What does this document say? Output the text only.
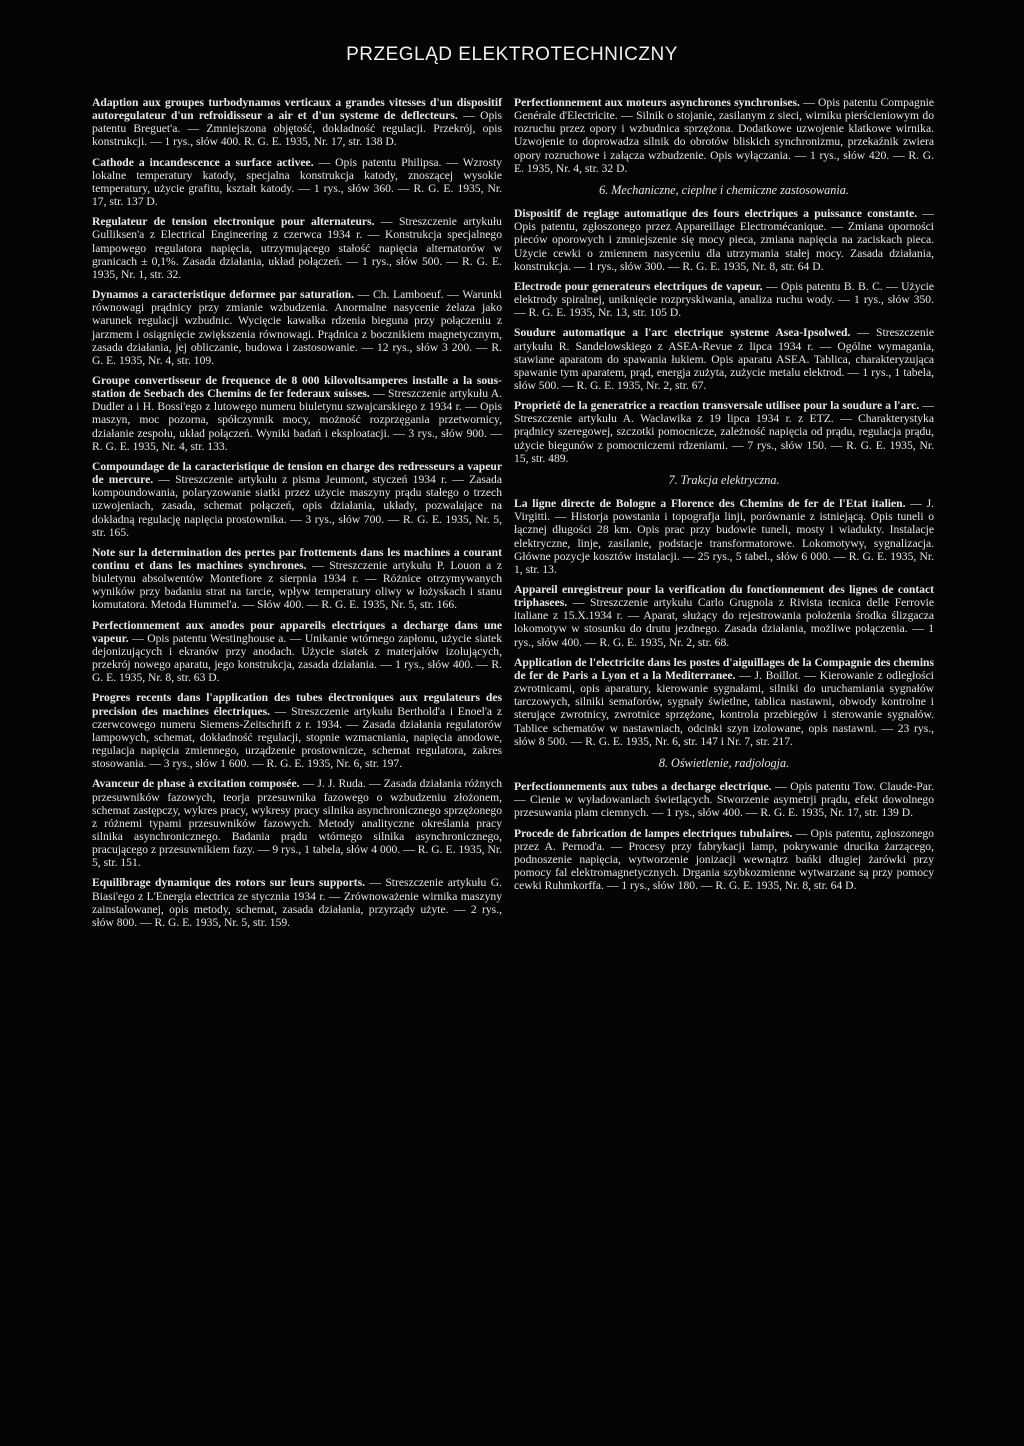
PRZEGLĄD ELEKTROTECHNICZNY

Adaption aux groupes turbodynamos verticaux a grandes vitesses d'un dispositif autoregulateur d'un refroidisseur a air et d'un systeme de deflecteurs. — Opis patentu Breguet'a. — Zmniejszona objętość, dokładność regulacji. Przekrój, opis konstrukcji. — 1 rys., słów 400. R. G. E. 1935, Nr. 17, str. 138 D.

Cathode a incandescence a surface activee. — Opis patentu Philipsa. — Wzrosty lokalne temperatury katody, specjalna konstrukcja katody, znoszącej wysokie temperatury, użycie grafitu, kształt katody. — 1 rys., słów 360. — R. G. E. 1935, Nr. 17, str. 137 D.

Regulateur de tension electronique pour alternateurs. — Streszczenie artykułu Gulliksen'a z Electrical Engineering z czerwca 1934 r. — Konstrukcja specjalnego lampowego regulatora napięcia, utrzymującego stałość napięcia alternatorów w granicach ± 0,1%. Zasada działania, układ połączeń. — 1 rys., słów 500. — R. G. E. 1935, Nr. 1, str. 32.

Dynamos a caracteristique deformee par saturation. — Ch. Lamboeuf. — Warunki równowagi prądnicy przy zmianie wzbudzenia. Anormalne nasycenie żelaza jako warunek regulacji wzbudnic. Wycięcie kawałka rdzenia bieguna przy połączeniu z jarzmem i osiągnięcie zwiększenia równowagi. Prądnica z bocznikiem magnetycznym, zasada działania, jej obliczanie, budowa i zastosowanie. — 12 rys., słów 3 200. — R. G. E. 1935, Nr. 4, str. 109.

Groupe convertisseur de frequence de 8 000 kilovoltsamperes installe a la sous-station de Seebach des Chemins de fer federaux suisses. — Streszczenie artykułu A. Dudler a i H. Bossi'ego z lutowego numeru biuletynu szwajcarskiego z 1934 r. — Opis maszyn, moc pozorna, spółczynnik mocy, możność rozprzęgania przetwornicy, działanie zespołu, układ połączeń. Wyniki badań i eksploatacji. — 3 rys., słów 900. — R. G. E. 1935, Nr. 4, str. 133.

Compoundage de la caracteristique de tension en charge des redresseurs a vapeur de mercure. — Streszczenie artykułu z pisma Jeumont, styczeń 1934 r. — Zasada kompoundowania, polaryzowanie siatki przez użycie maszyny prądu stałego o trzech uzwojeniach, zasada, schemat połączeń, opis działania, układy, pozwalające na dokładną regulację napięcia prostownika. — 3 rys., słów 700. — R. G. E. 1935, Nr. 5, str. 165.

Note sur la determination des pertes par frottements dans les machines a courant continu et dans les machines synchrones. — Streszczenie artykułu P. Louon a z biuletynu absolwentów Montefiore z sierpnia 1934 r. — Różnice otrzymywanych wyników przy badaniu strat na tarcie, wpływ temperatury oliwy w łożyskach i stanu komutatora. Metoda Hummel'a. — Słów 400. — R. G. E. 1935, Nr. 5, str. 166.

Perfectionnement aux anodes pour appareils electriques a decharge dans une vapeur. — Opis patentu Westinghouse a. — Unikanie wtórnego zapłonu, użycie siatek dejonizujących i ekranów przy anodach. Użycie siatek z materjałów izolujących, przekrój nowego aparatu, jego konstrukcja, zasada działania. — 1 rys., słów 400. — R. G. E. 1935, Nr. 8, str. 63 D.

Progres recents dans l'application des tubes électroniques aux regulateurs des precision des machines électriques. — Streszczenie artykułu Berthold'a i Enoel'a z czerwcowego numeru Siemens-Zeitschrift z r. 1934. — Zasada działania regulatorów lampowych, schemat, dokładność regulacji, stopnie wzmacniania, napięcia anodowe, regulacja napięcia zmiennego, urządzenie prostownicze, schemat regulatora, zakres stosowania. — 3 rys., słów 1 600. — R. G. E. 1935, Nr. 6, str. 197.

Avanceur de phase à excitation composée. — J. J. Ruda. — Zasada działania różnych przesuwników fazowych, teorja przesuwnika fazowego o wzbudzeniu złożonem, schemat zastępczy, wykres pracy, wykresy pracy silnika asynchronicznego sprzężonego z różnemi typami przesuwników fazowych. Metody analityczne określania pracy silnika asynchronicznego. Badania prądu wtórnego silnika asynchronicznego, pracującego z przesuwnikiem fazy. — 9 rys., 1 tabela, słów 4 000. — R. G. E. 1935, Nr. 5, str. 151.

Equilibrage dynamique des rotors sur leurs supports. — Streszczenie artykułu G. Biasi'ego z L'Energia electrica ze stycznia 1934 r. — Zrównoważenie wirnika maszyny zainstalowanej, opis metody, schemat, zasada działania, przyrządy użyte. — 2 rys., słów 800. — R. G. E. 1935, Nr. 5, str. 159.

Perfectionnement aux moteurs asynchrones synchronises. — Opis patentu Compagnie Genérale d'Electricite. — Silnik o stojanie, zasilanym z sieci, wirniku pierścieniowym do rozruchu przez opory i wzbudnica sprzężona. Dodatkowe uzwojenie klatkowe wirnika. Uzwojenie to doprowadza silnik do obrotów bliskich synchronizmu, przekaźnik zwiera opory rozruchowe i załącza wzbudzenie. Opis wyłączania. — 1 rys., słów 420. — R. G. E. 1935, Nr. 4, str. 32 D.

6. Mechaniczne, cieplne i chemiczne zastosowania.

Dispositif de reglage automatique des fours electriques a puissance constante. — Opis patentu, zgłoszonego przez Appareillage Electromécanique. — Zmiana oporności pieców oporowych i zmniejszenie się mocy pieca, zmiana napięcia na zaciskach pieca. Użycie cewki o zmiennem nasyceniu dla utrzymania stałej mocy. Zasada działania, konstrukcja. — 1 rys., słów 300. — R. G. E. 1935, Nr. 8, str. 64 D.

Electrode pour generateurs electriques de vapeur. — Opis patentu B. B. C. — Użycie elektrody spiralnej, uniknięcie rozpryskiwania, analiza ruchu wody. — 1 rys., słów 350. — R. G. E. 1935, Nr. 13, str. 105 D.

Soudure automatique a l'arc electrique systeme Asea-Ipsolwed. — Streszczenie artykułu R. Sandelowskiego z ASEA-Revue z lipca 1934 r. — Ogólne wymagania, stawiane aparatom do spawania łukiem. Opis aparatu ASEA. Tablica, charakteryzująca spawanie tym aparatem, prąd, energja zużyta, zużycie metalu elektrod. — 1 rys., 1 tabela, słów 500. — R. G. E. 1935, Nr. 2, str. 67.

Proprieté de la generatrice a reaction transversale utilisee pour la soudure a l'arc. — Streszczenie artykułu A. Wacławika z 19 lipca 1934 r. z ETZ. — Charakterystyka prądnicy szeregowej, szczotki pomocnicze, zależność napięcia od prądu, regulacja prądu, użycie biegunów z pomocniczemi rdzeniami. — 7 rys., słów 150. — R. G. E. 1935, Nr. 15, str. 489.

7. Trakcja elektryczna.

La ligne directe de Bologne a Florence des Chemins de fer de l'Etat italien. — J. Virgitti. — Historja powstania i topografja linji, porównanie z istniejącą. Opis tuneli o łącznej długości 28 km. Opis prac przy budowie tuneli, mosty i wiadukty. Instalacje elektryczne, linje, zasilanie, podstacje transformatorowe. Lokomotywy, sygnalizacja. Główne pozycje kosztów instalacji. — 25 rys., 5 tabel., słów 6 000. — R. G. E. 1935, Nr. 1, str. 13.

Appareil enregistreur pour la verification du fonctionnement des lignes de contact triphasees. — Streszczenie artykułu Carlo Grugnola z Rivista tecnica delle Ferrovie italiane z 15.X.1934 r. — Aparat, służący do rejestrowania położenia środka ślizgacza lokomotyw w stosunku do drutu jezdnego. Zasada działania, możliwe połączenia. — 1 rys., słów 400. — R. G. E. 1935, Nr. 2, str. 68.

Application de l'electricite dans les postes d'aiguillages de la Compagnie des chemins de fer de Paris a Lyon et a la Mediterranee. — J. Boillot. — Kierowanie z odległości zwrotnicami, opis aparatury, kierowanie sygnałami, silniki do uruchamiania sygnałów tarczowych, silniki semaforów, sygnały świetlne, tablica nastawni, obwody kontrolne i sterujące zwrotnicy, zwrotnice sprzężone, kontrola przebiegów i sterowanie sygnałów. Tablice schematów w nastawniach, odcinki szyn izolowane, opis nastawni. — 23 rys., słów 8 500. — R. G. E. 1935, Nr. 6, str. 147 i Nr. 7, str. 217.

8. Oświetlenie, radjologja.

Perfectionnements aux tubes a decharge electrique. — Opis patentu Tow. Claude-Par. — Cienie w wyładowaniach świetlących. Stworzenie asymetrji prądu, efekt dowolnego przesuwania plam ciemnych. — 1 rys., słów 400. — R. G. E. 1935, Nr. 17, str. 139 D.

Procede de fabrication de lampes electriques tubulaires. — Opis patentu, zgłoszonego przez A. Pernod'a. — Procesy przy fabrykacji lamp, pokrywanie drucika żarzącego, podnoszenie napięcia, wytworzenie jonizacji wewnątrz bańki długiej żarówki przy pomocy fal elektromagnetycznych. Drgania szybkozmienne wytwarzane są przy pomocy cewki Ruhmkorffa. — 1 rys., słów 180. — R. G. E. 1935, Nr. 8, str. 64 D.
